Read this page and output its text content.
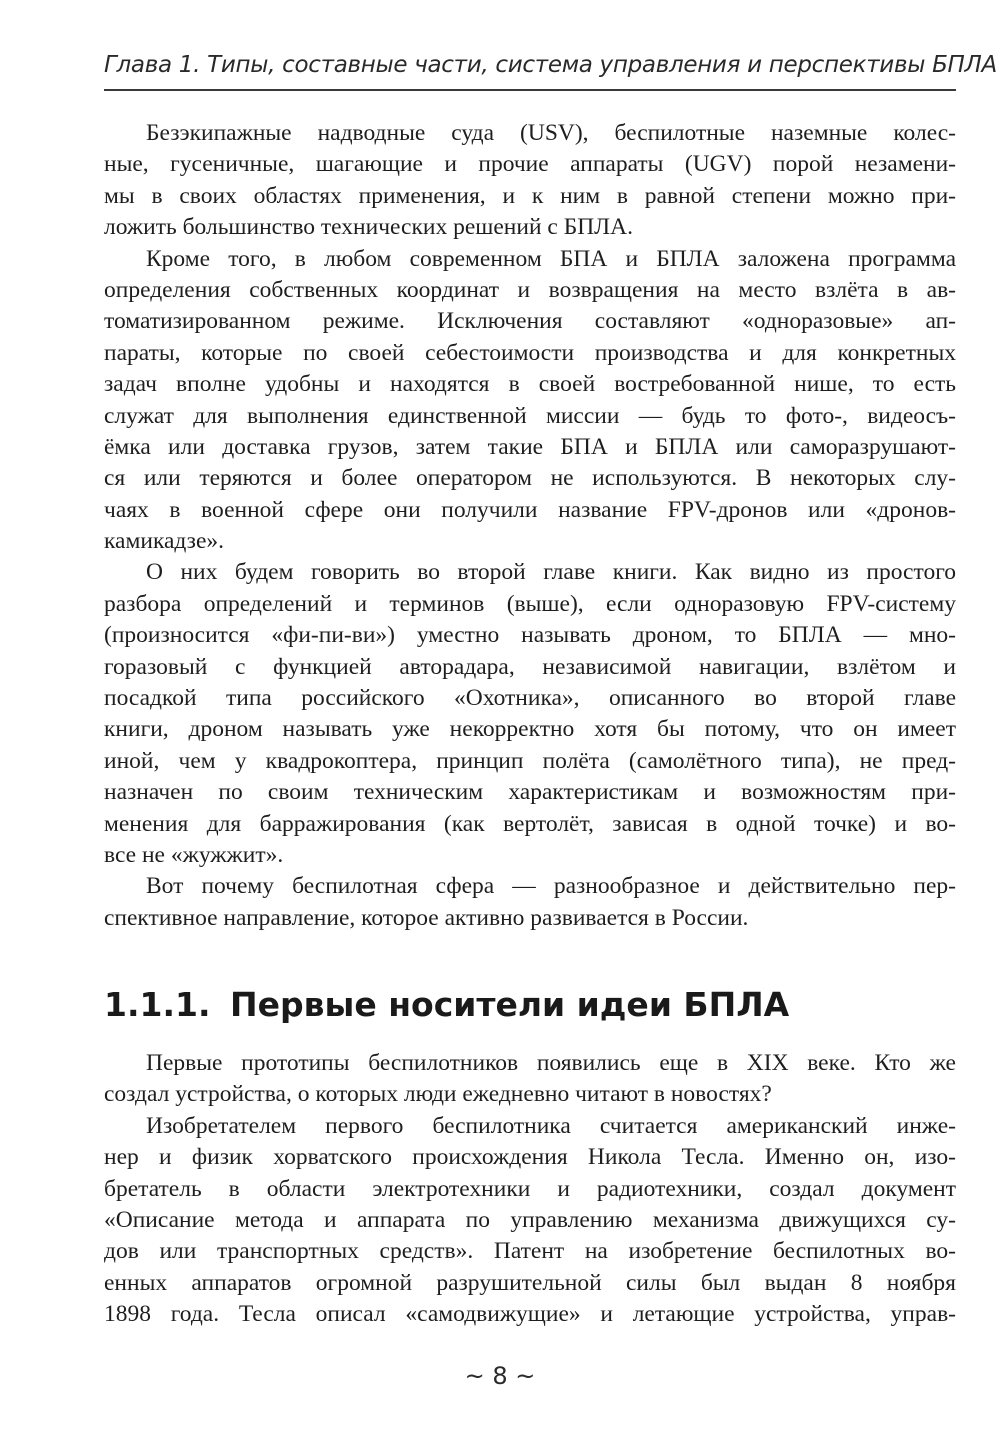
Глава 1. Типы, составные части, система управления и перспективы БПЛА
Безэкипажные надводные суда (USV), беспилотные наземные колес-
ные, гусеничные, шагающие и прочие аппараты (UGV) порой незамени-
мы в своих областях применения, и к ним в равной степени можно при-
ложить большинство технических решений с БПЛА.
Кроме того, в любом современном БПА и БПЛА заложена программа
определения собственных координат и возвращения на место взлёта в ав-
томатизированном режиме. Исключения составляют «одноразовые» ап-
параты, которые по своей себестоимости производства и для конкретных
задач вполне удобны и находятся в своей востребованной нише, то есть
служат для выполнения единственной миссии — будь то фото-, видеосъ-
ёмка или доставка грузов, затем такие БПА и БПЛА или саморазрушают-
ся или теряются и более оператором не используются. В некоторых слу-
чаях в военной сфере они получили название FPV-дронов или «дронов-
камикадзе».
О них будем говорить во второй главе книги. Как видно из простого
разбора определений и терминов (выше), если одноразовую FPV-систему
(произносится «фи-пи-ви») уместно называть дроном, то БПЛА — мно-
горазовый с функцией авторадара, независимой навигации, взлётом и
посадкой типа российского «Охотника», описанного во второй главе
книги, дроном называть уже некорректно хотя бы потому, что он имеет
иной, чем у квадрокоптера, принцип полёта (самолётного типа), не пред-
назначен по своим техническим характеристикам и возможностям при-
менения для барражирования (как вертолёт, зависая в одной точке) и во-
все не «жужжит».
Вот почему беспилотная сфера — разнообразное и действительно пер-
спективное направление, которое активно развивается в России.
1.1.1. Первые носители идеи БПЛА
Первые прототипы беспилотников появились еще в XIX веке. Кто же
создал устройства, о которых люди ежедневно читают в новостях?
Изобретателем первого беспилотника считается американский инже-
нер и физик хорватского происхождения Никола Тесла. Именно он, изо-
бретатель в области электротехники и радиотехники, создал документ
«Описание метода и аппарата по управлению механизма движущихся су-
дов или транспортных средств». Патент на изобретение беспилотных во-
енных аппаратов огромной разрушительной силы был выдан 8 ноября
1898 года. Тесла описал «самодвижущие» и летающие устройства, управ-
~ 8 ~
